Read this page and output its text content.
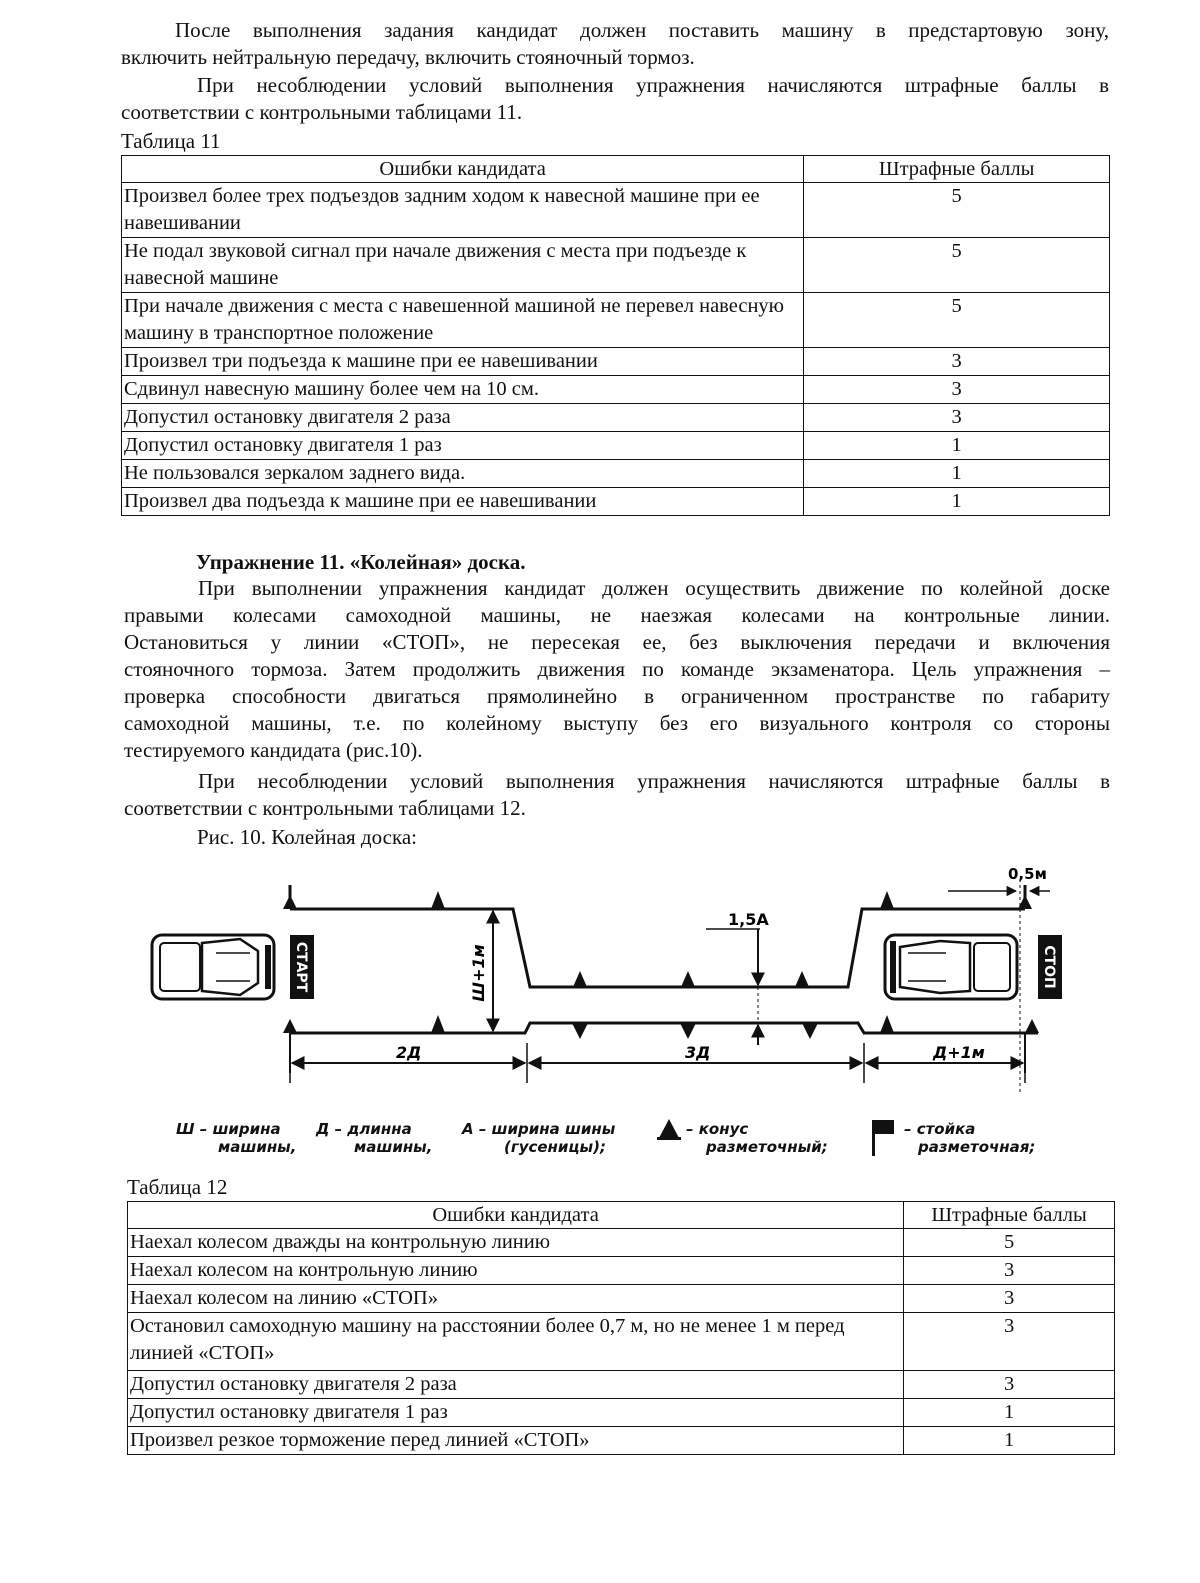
После выполнения задания кандидат должен поставить машину в предстартовую зону,
включить нейтральную передачу, включить стояночный тормоз.
При несоблюдении условий выполнения упражнения начисляются штрафные баллы в
соответствии с контрольными таблицами 11.
Таблица 11
Ошибки кандидата	Штрафные баллы
Произвел более трех подъездов задним ходом к навесной машине при ее навешивании	5
Не подал звуковой сигнал при начале движения с места при подъезде к навесной машине	5
При начале движения с места с навешенной машиной не перевел навесную машину в транспортное положение	5
Произвел три подъезда к машине при ее навешивании	3
Сдвинул навесную машину более чем на 10 см.	3
Допустил остановку двигателя 2 раза	3
Допустил остановку двигателя 1 раз	1
Не пользовался зеркалом заднего вида.	1
Произвел два подъезда к машине при ее навешивании	1
Упражнение 11. «Колейная» доска.
При выполнении упражнения кандидат должен осуществить движение по колейной доске
правыми колесами самоходной машины, не наезжая колесами на контрольные линии.
Остановиться у линии «СТОП», не пересекая ее, без выключения передачи и включения
стояночного тормоза. Затем продолжить движения по команде экзаменатора. Цель упражнения –
проверка способности двигаться прямолинейно в ограниченном пространстве по габариту
самоходной машины, т.е. по колейному выступу без его визуального контроля со стороны
тестируемого кандидата (рис.10).
При несоблюдении условий выполнения упражнения начисляются штрафные баллы в
соответствии с контрольными таблицами 12.
Рис. 10. Колейная доска:
СТАРТ	СТОП
Ш+1м
1,5А
0,5м
2Д	3Д	Д+1м
Ш – ширина
машины,
Д – длинна
машины,
А – ширина шины
(гусеницы);
– конус
разметочный;
– стойка
разметочная;
Таблица 12
Ошибки кандидата	Штрафные баллы
Наехал колесом дважды на контрольную линию	5
Наехал колесом на контрольную линию	3
Наехал колесом на линию «СТОП»	3
Остановил самоходную машину на расстоянии более 0,7 м, но не менее 1 м перед линией «СТОП»	3
Допустил остановку двигателя 2 раза	3
Допустил остановку двигателя 1 раз	1
Произвел резкое торможение перед линией «СТОП»	1
